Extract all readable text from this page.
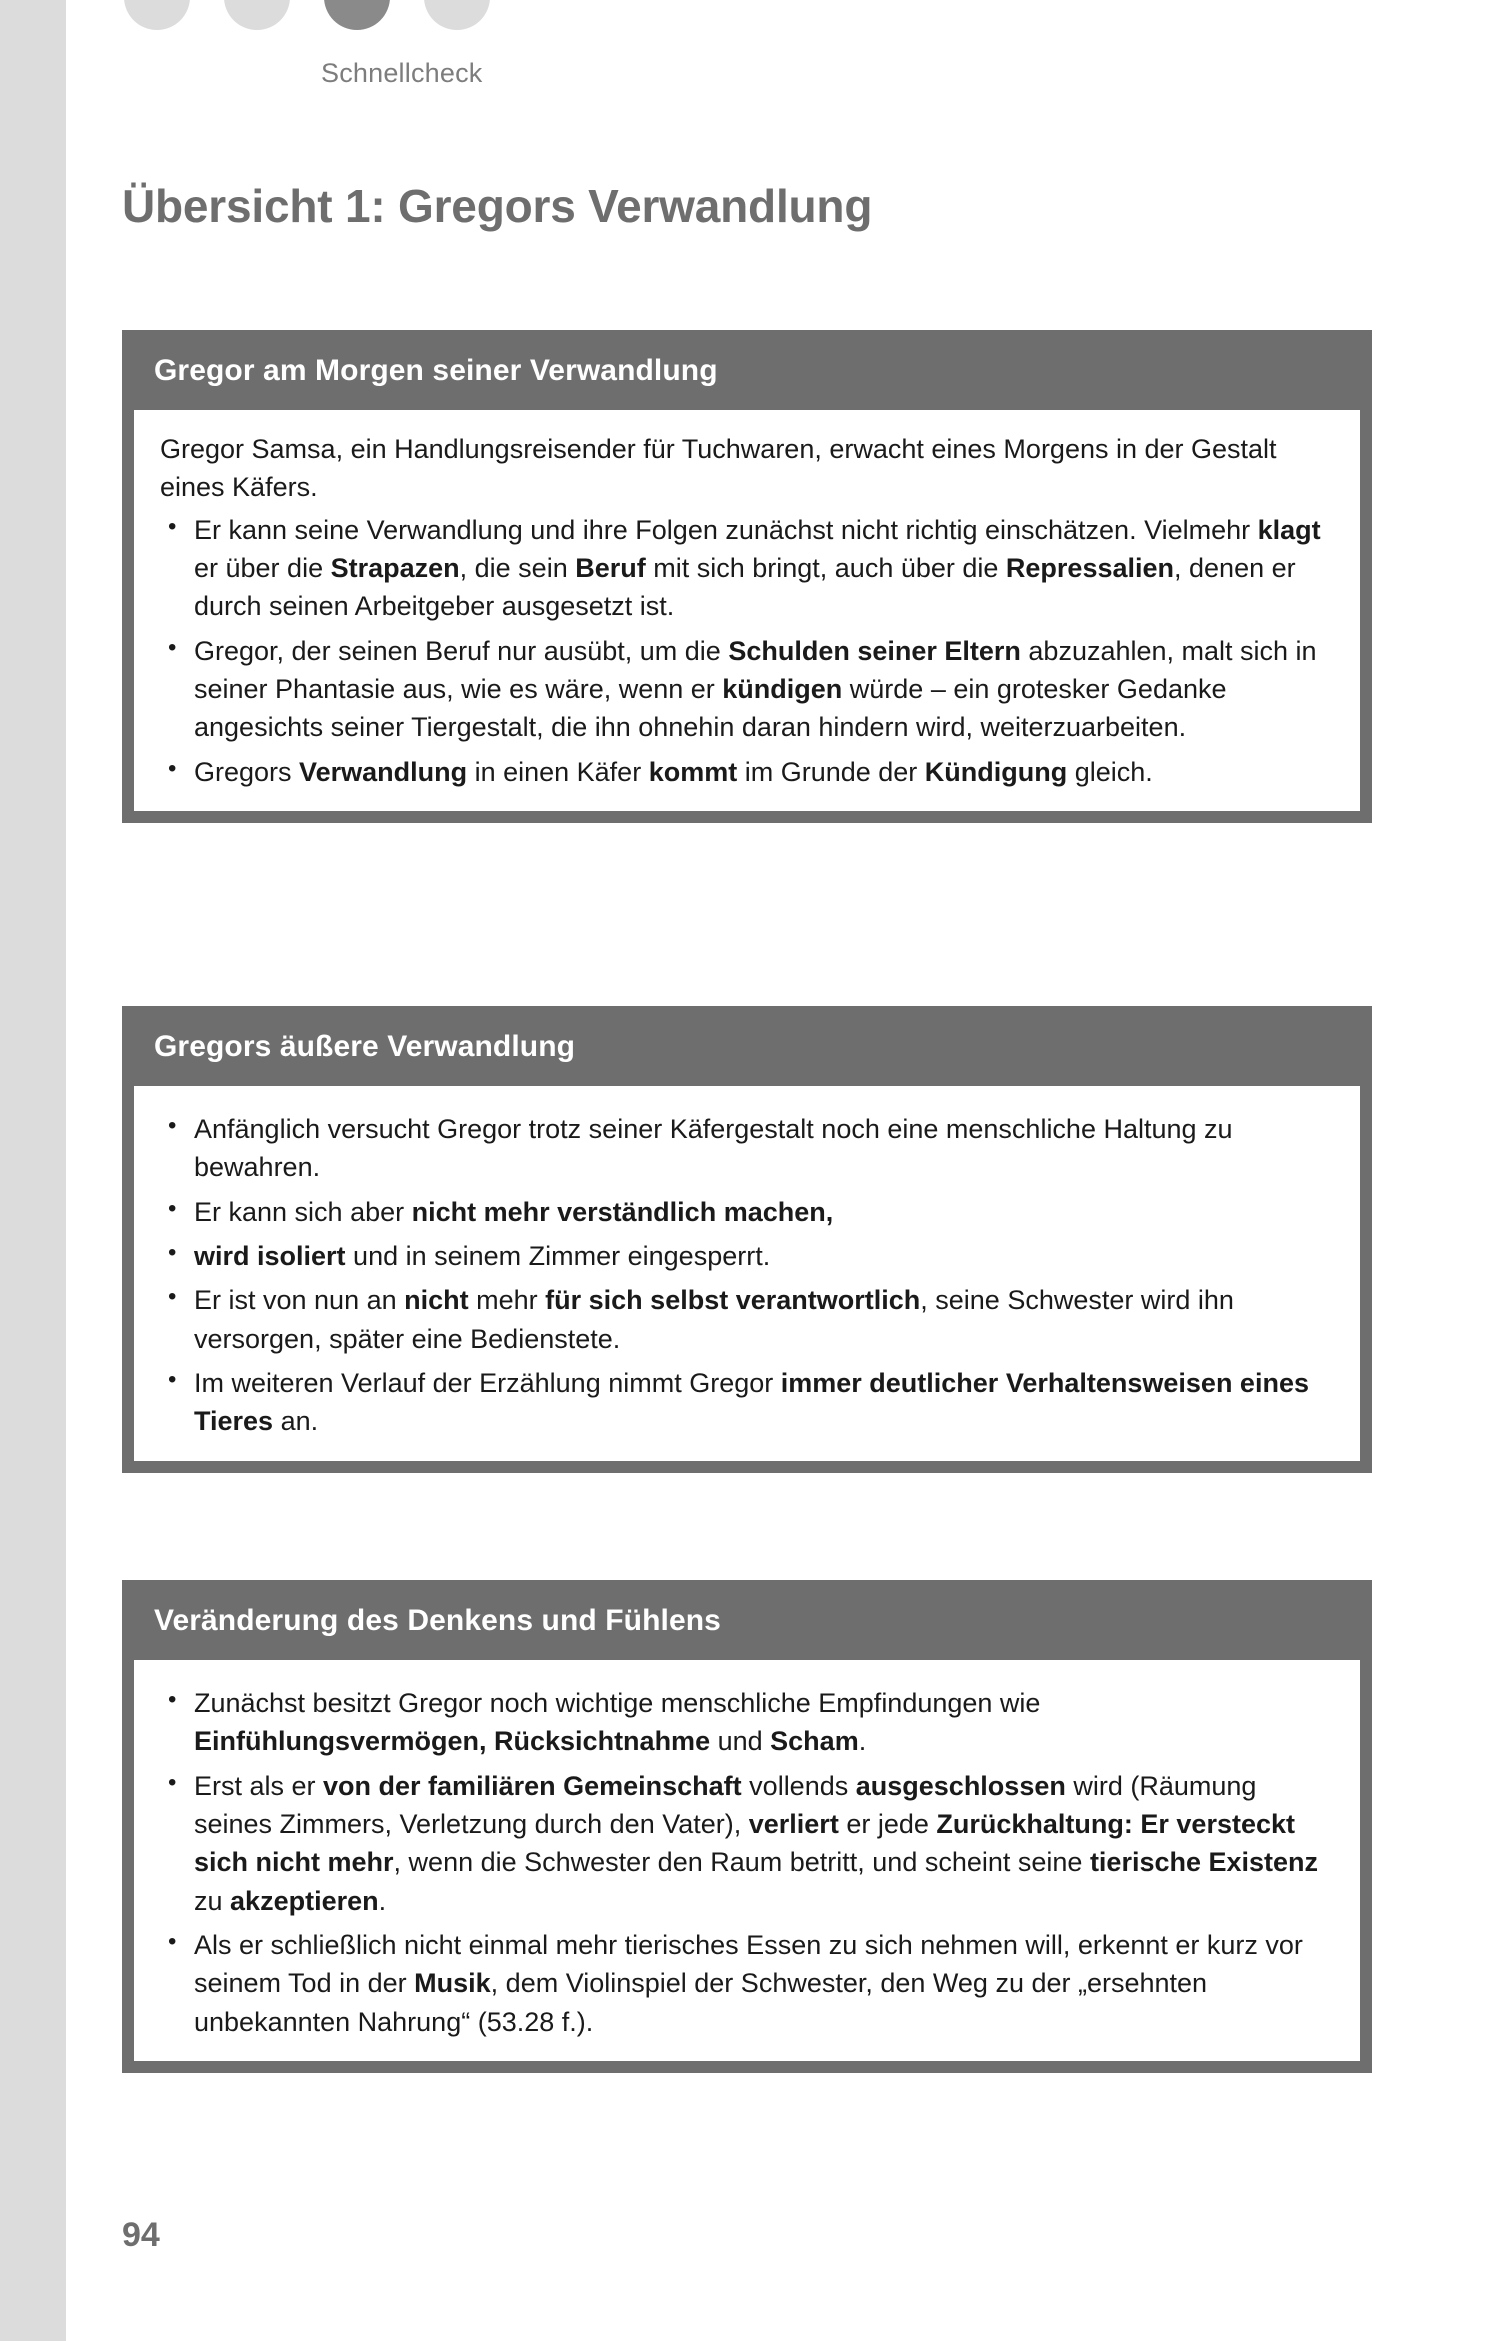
Schnellcheck
Übersicht 1: Gregors Verwandlung
Gregor am Morgen seiner Verwandlung

Gregor Samsa, ein Handlungsreisender für Tuchwaren, erwacht eines Morgens in der Gestalt eines Käfers.

• Er kann seine Verwandlung und ihre Folgen zunächst nicht richtig einschätzen. Vielmehr klagt er über die Strapazen, die sein Beruf mit sich bringt, auch über die Repressalien, denen er durch seinen Arbeitgeber ausgesetzt ist.
• Gregor, der seinen Beruf nur ausübt, um die Schulden seiner Eltern abzuzahlen, malt sich in seiner Phantasie aus, wie es wäre, wenn er kündigen würde – ein grotesker Gedanke angesichts seiner Tiergestalt, die ihn ohnehin daran hindern wird, weiterzuarbeiten.
• Gregors Verwandlung in einen Käfer kommt im Grunde der Kündigung gleich.
Gregors äußere Verwandlung
• Anfänglich versucht Gregor trotz seiner Käfergestalt noch eine menschliche Haltung zu bewahren.
• Er kann sich aber nicht mehr verständlich machen,
• wird isoliert und in seinem Zimmer eingesperrt.
• Er ist von nun an nicht mehr für sich selbst verantwortlich, seine Schwester wird ihn versorgen, später eine Bedienstete.
• Im weiteren Verlauf der Erzählung nimmt Gregor immer deutlicher Verhaltensweisen eines Tieres an.
Veränderung des Denkens und Fühlens
• Zunächst besitzt Gregor noch wichtige menschliche Empfindungen wie Einfühlungsvermögen, Rücksichtnahme und Scham.
• Erst als er von der familiären Gemeinschaft vollends ausgeschlossen wird (Räumung seines Zimmers, Verletzung durch den Vater), verliert er jede Zurückhaltung: Er versteckt sich nicht mehr, wenn die Schwester den Raum betritt, und scheint seine tierische Existenz zu akzeptieren.
• Als er schließlich nicht einmal mehr tierisches Essen zu sich nehmen will, erkennt er kurz vor seinem Tod in der Musik, dem Violinspiel der Schwester, den Weg zu der „ersehnten unbekannten Nahrung“ (53.28 f.).
94
